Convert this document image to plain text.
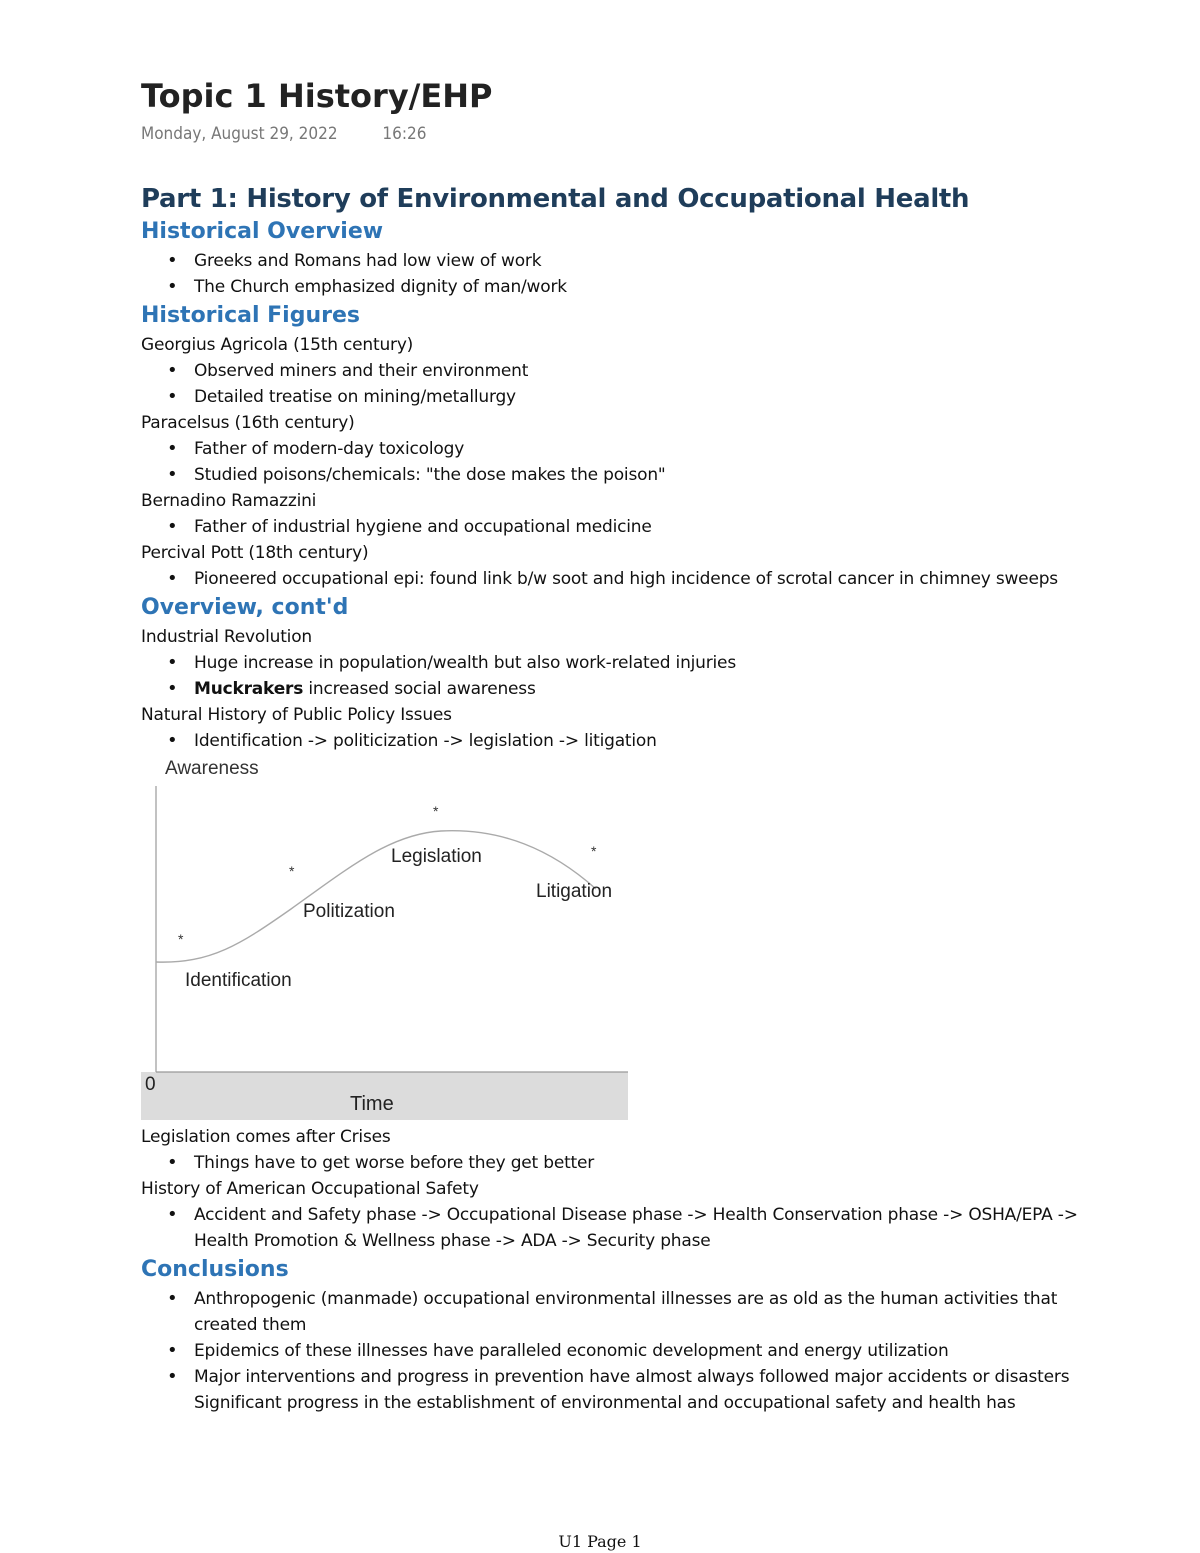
Topic 1 History/EHP
Monday, August 29, 2022	16:26
Part 1: History of Environmental and Occupational Health
Historical Overview
• Greeks and Romans had low view of work
• The Church emphasized dignity of man/work
Historical Figures

Georgius Agricola (15th century)

• Observed miners and their environment
• Detailed treatise on mining/metallurgy

Paracelsus (16th century)

• Father of modern-day toxicology
• Studied poisons/chemicals: "the dose makes the poison"

Bernadino Ramazzini

• Father of industrial hygiene and occupational medicine

Percival Pott (18th century)

• Pioneered occupational epi: found link b/w soot and high incidence of scrotal cancer in chimney sweeps
Overview, cont'd

Industrial Revolution

• Huge increase in population/wealth but also work-related injuries
• Muckrakers increased social awareness

Natural History of Public Policy Issues

• Identification -> politicization -> legislation -> litigation
Awareness
0
Time
*
*
*
*
Identification
Politization
Legislation
Litigation

Legislation comes after Crises

• Things have to get worse before they get better

History of American Occupational Safety

• Accident and Safety phase -> Occupational Disease phase -> Health Conservation phase -> OSHA/EPA -> Health Promotion & Wellness phase -> ADA -> Security phase
Conclusions
• Anthropogenic (manmade) occupational environmental illnesses are as old as the human activities that created them
• Epidemics of these illnesses have paralleled economic development and energy utilization
• Major interventions and progress in prevention have almost always followed major accidents or disasters

Significant progress in the establishment of environmental and occupational safety and health has

U1 Page 1
